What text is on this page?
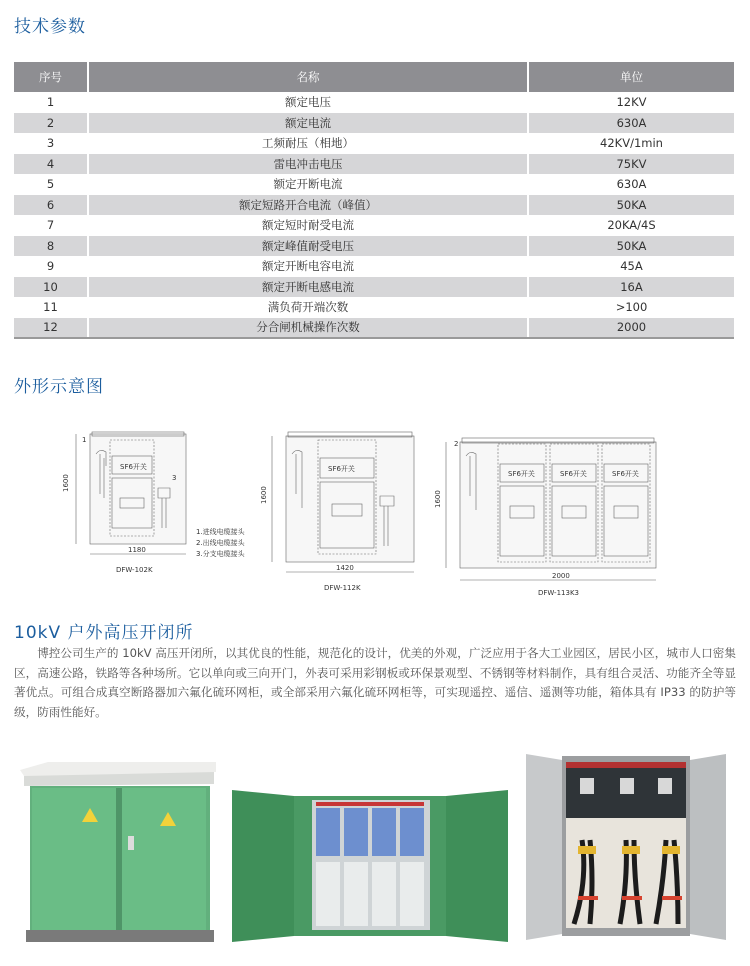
技术参数
序号	名称	单位
1	额定电压	12KV
2	额定电流	630A
3	工频耐压（相地）	42KV/1min
4	雷电冲击电压	75KV
5	额定开断电流	630A
6	额定短路开合电流（峰值）	50KA
7	额定短时耐受电流	20KA/4S
8	额定峰值耐受电压	50KA
9	额定开断电容电流	45A
10	额定开断电感电流	16A
11	满负荷开端次数	>100
12	分合闸机械操作次数	2000
外形示意图
1600
1180
SF6开关
DFW-102K
1
3
1600
1420
SF6开关
DFW-112K
1600
2000
SF6开关	SF6开关	SF6开关
DFW-113K3
2
1.进线电缆接头
2.出线电缆接头
3.分支电缆接头
10kV 户外高压开闭所

博控公司生产的 10kV 高压开闭所，以其优良的性能，规范化的设计，优美的外观，广泛应用于各大工业园区，居民小区，城市人口密集区，高速公路，铁路等各种场所。它以单向或三向开门，外表可采用彩钢板或环保景观型、不锈钢等材料制作，具有组合灵活、功能齐全等显著优点。可组合成真空断路器加六氟化硫环网柜，或全部采用六氟化硫环网柜等，可实现遥控、遥信、遥测等功能，箱体具有 IP33 的防护等级，防雨性能好。
